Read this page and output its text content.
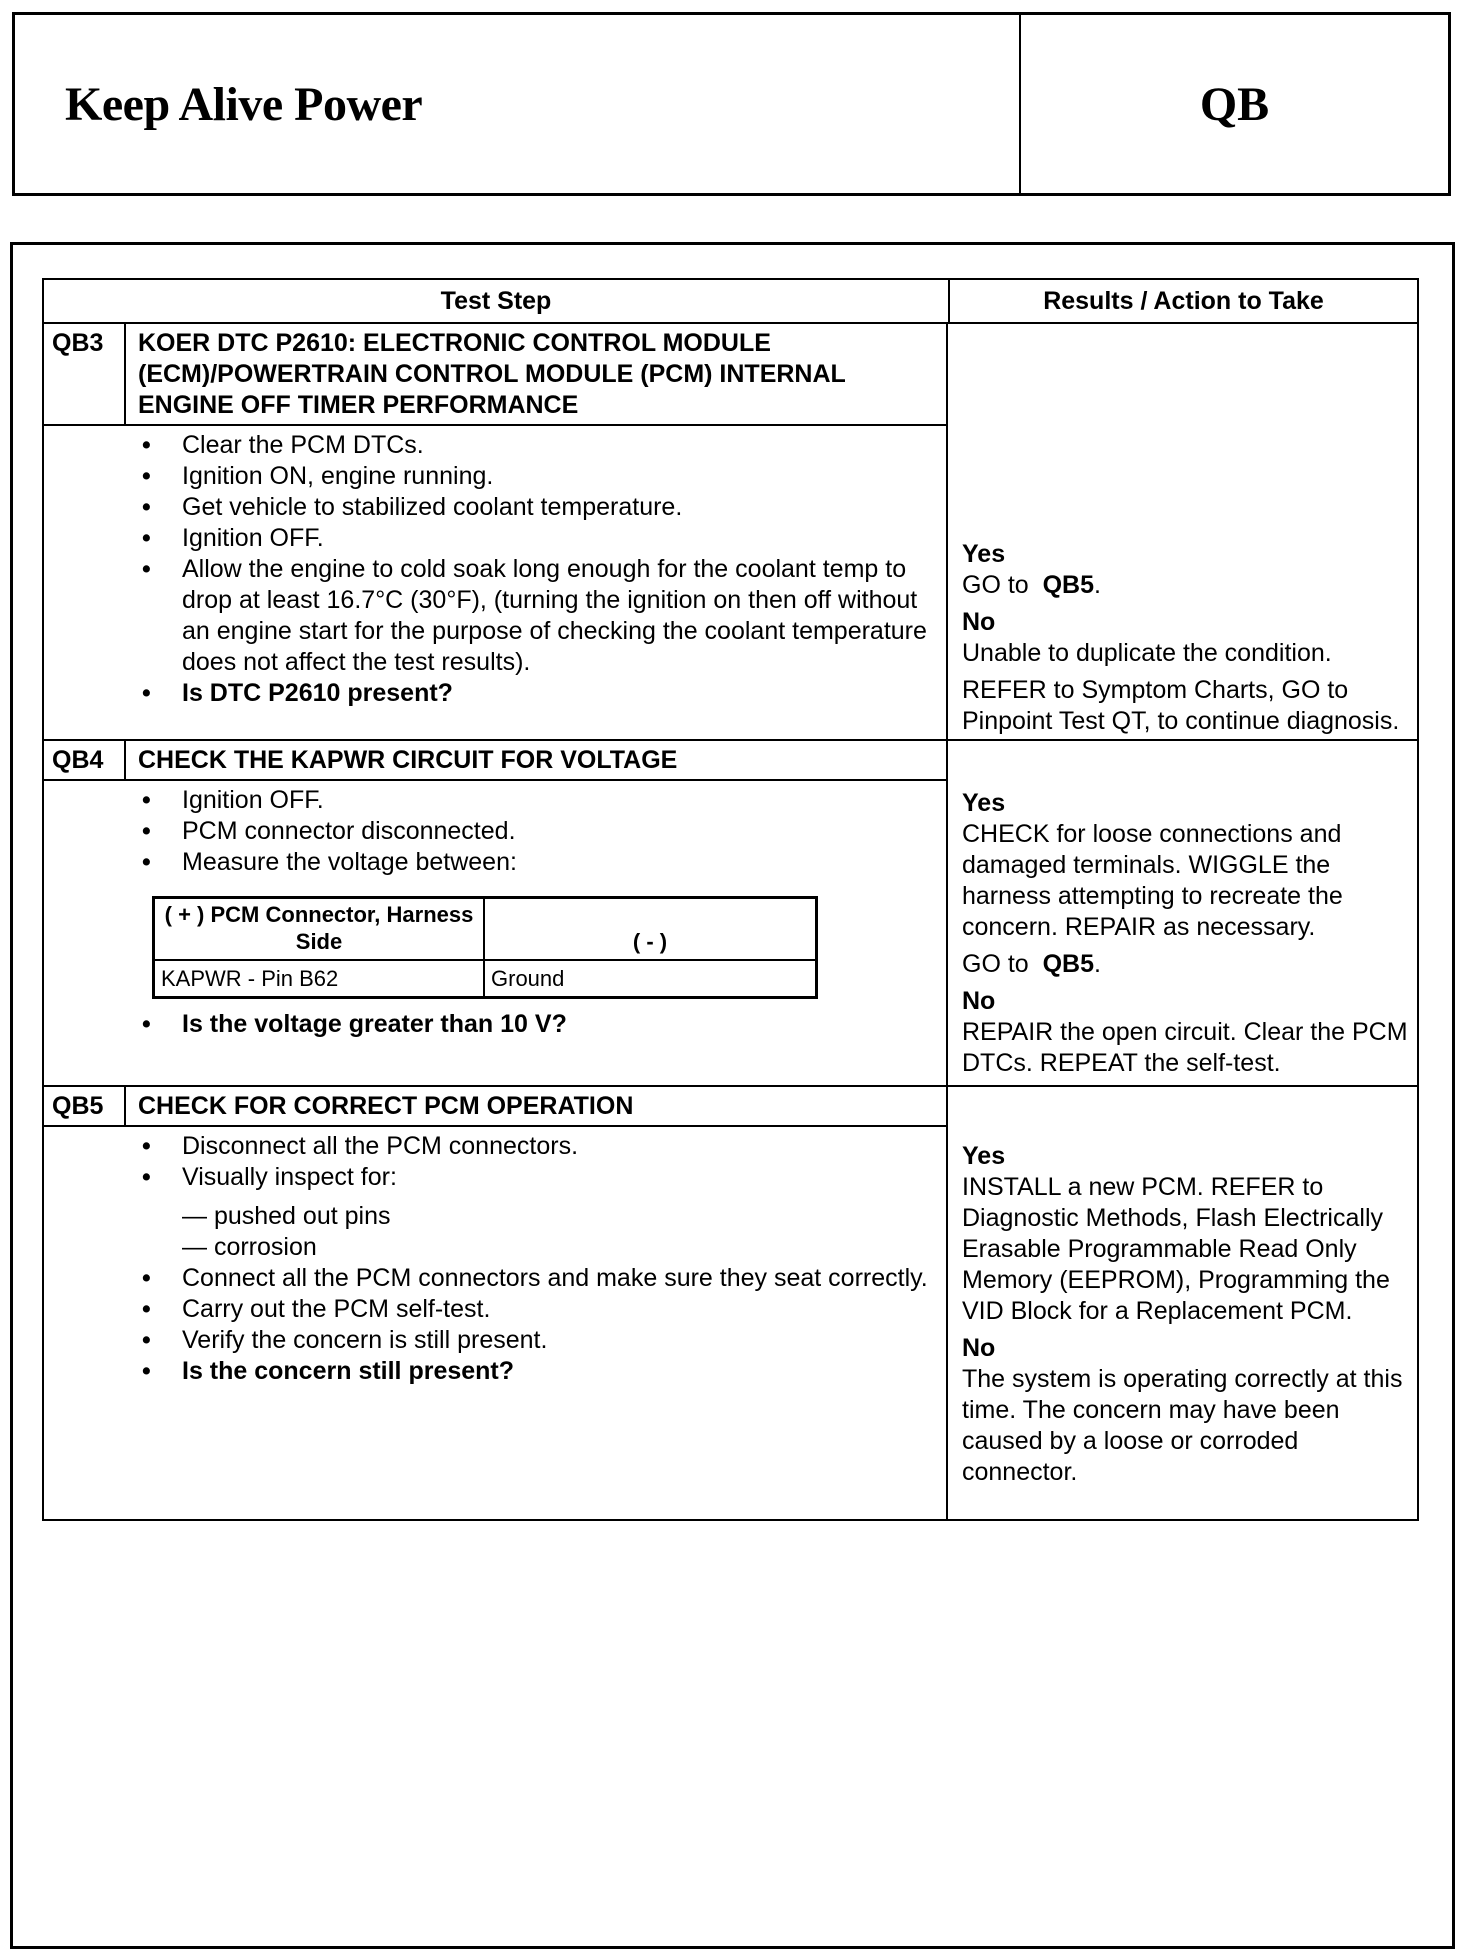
Keep Alive Power	QB
Test Step	Results / Action to Take
QB3	KOER DTC P2610: ELECTRONIC CONTROL MODULE (ECM)/POWERTRAIN CONTROL MODULE (PCM) INTERNAL ENGINE OFF TIMER PERFORMANCE
• Clear the PCM DTCs.
• Ignition ON, engine running.
• Get vehicle to stabilized coolant temperature.
• Ignition OFF.
• Allow the engine to cold soak long enough for the coolant temp to drop at least 16.7°C (30°F), (turning the ignition on then off without an engine start for the purpose of checking the coolant temperature does not affect the test results).
• Is DTC P2610 present?
Yes
GO to QB5.
No
Unable to duplicate the condition.
REFER to Symptom Charts, GO to Pinpoint Test QT, to continue diagnosis.
QB4	CHECK THE KAPWR CIRCUIT FOR VOLTAGE
• Ignition OFF.
• PCM connector disconnected.
• Measure the voltage between:
( + ) PCM Connector, Harness Side	( - )
KAPWR - Pin B62	Ground
• Is the voltage greater than 10 V?
Yes
CHECK for loose connections and damaged terminals. WIGGLE the harness attempting to recreate the concern. REPAIR as necessary.
GO to QB5.
No
REPAIR the open circuit. Clear the PCM DTCs. REPEAT the self-test.
QB5	CHECK FOR CORRECT PCM OPERATION
• Disconnect all the PCM connectors.
• Visually inspect for:
— pushed out pins
— corrosion
• Connect all the PCM connectors and make sure they seat correctly.
• Carry out the PCM self-test.
• Verify the concern is still present.
• Is the concern still present?
Yes
INSTALL a new PCM. REFER to Diagnostic Methods, Flash Electrically Erasable Programmable Read Only Memory (EEPROM), Programming the VID Block for a Replacement PCM.
No
The system is operating correctly at this time. The concern may have been caused by a loose or corroded connector.
